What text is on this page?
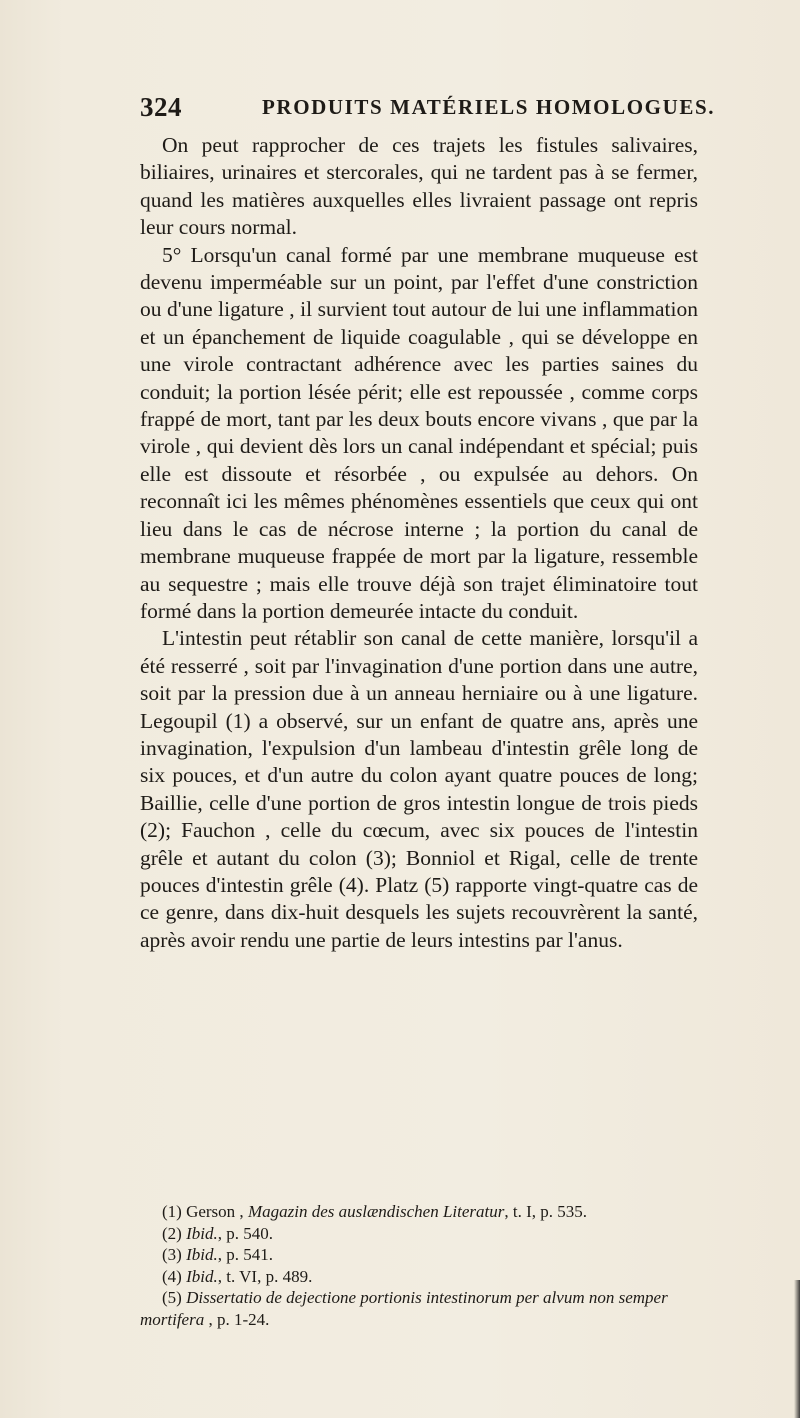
324	PRODUITS MATÉRIELS HOMOLOGUES.

On peut rapprocher de ces trajets les fistules salivaires, biliaires, urinaires et stercorales, qui ne tardent pas à se fermer, quand les matières auxquelles elles livraient passage ont repris leur cours normal.

5° Lorsqu'un canal formé par une membrane muqueuse est devenu imperméable sur un point, par l'effet d'une constriction ou d'une ligature , il survient tout autour de lui une inflammation et un épanchement de liquide coagulable , qui se développe en une virole contractant adhérence avec les parties saines du conduit; la portion lésée périt; elle est repoussée , comme corps frappé de mort, tant par les deux bouts encore vivans , que par la virole , qui devient dès lors un canal indépendant et spécial; puis elle est dissoute et résorbée , ou expulsée au dehors. On reconnaît ici les mêmes phénomènes essentiels que ceux qui ont lieu dans le cas de nécrose interne ; la portion du canal de membrane muqueuse frappée de mort par la ligature, ressemble au sequestre ; mais elle trouve déjà son trajet éliminatoire tout formé dans la portion demeurée intacte du conduit.

L'intestin peut rétablir son canal de cette manière, lorsqu'il a été resserré , soit par l'invagination d'une portion dans une autre, soit par la pression due à un anneau herniaire ou à une ligature. Legoupil (1) a observé, sur un enfant de quatre ans, après une invagination, l'expulsion d'un lambeau d'intestin grêle long de six pouces, et d'un autre du colon ayant quatre pouces de long; Baillie, celle d'une portion de gros intestin longue de trois pieds (2); Fauchon , celle du cœcum, avec six pouces de l'intestin grêle et autant du colon (3); Bonniol et Rigal, celle de trente pouces d'intestin grêle (4). Platz (5) rapporte vingt-quatre cas de ce genre, dans dix-huit desquels les sujets recouvrèrent la santé, après avoir rendu une partie de leurs intestins par l'anus.

(1) Gerson , Magazin des auslændischen Literatur, t. I, p. 535.

(2) Ibid., p. 540.

(3) Ibid., p. 541.

(4) Ibid., t. VI, p. 489.

(5) Dissertatio de dejectione portionis intestinorum per alvum non semper mortifera , p. 1-24.
